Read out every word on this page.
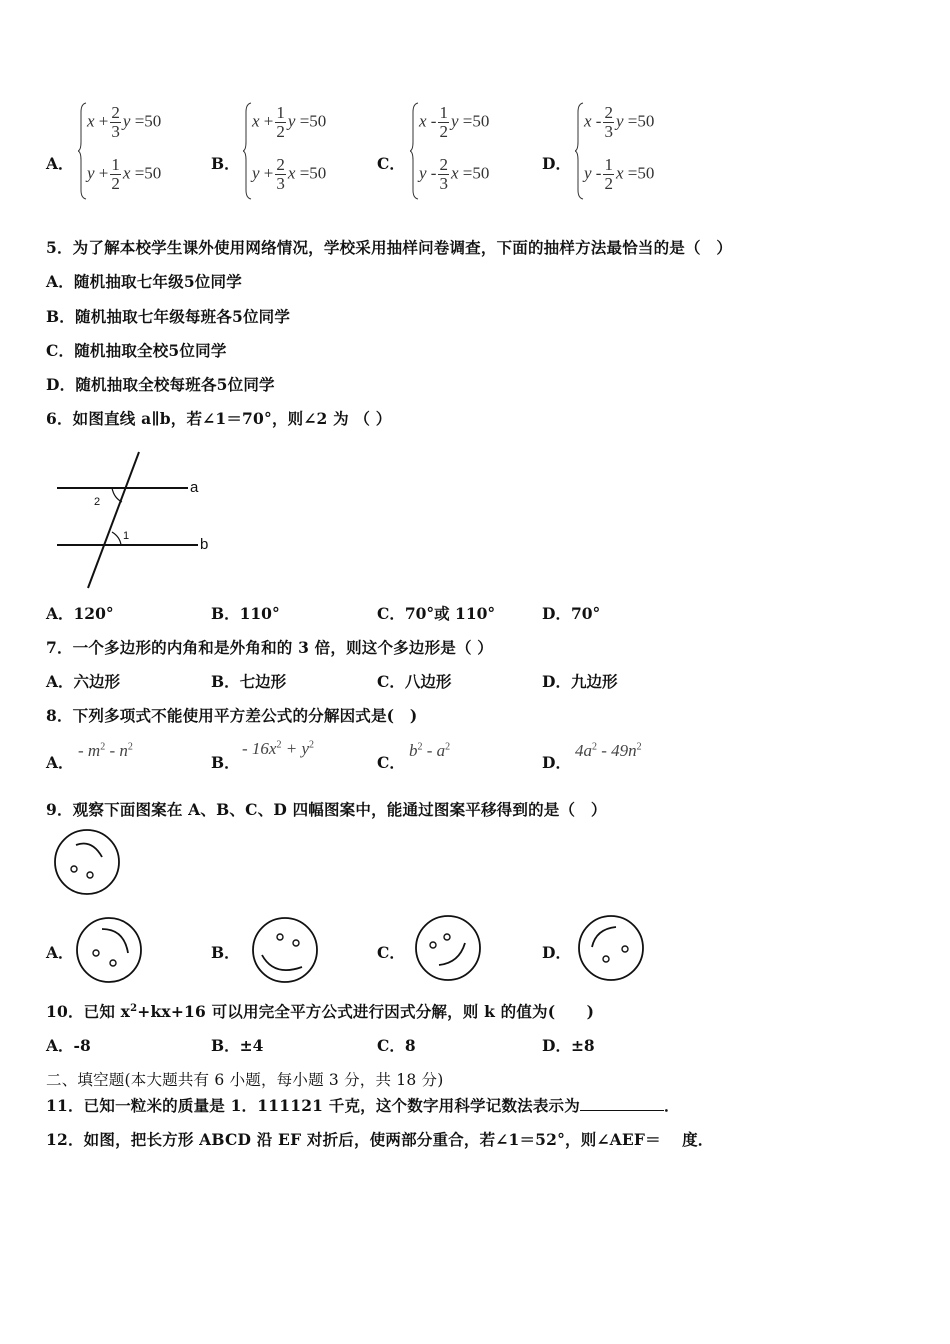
A．
$x + \frac{2}{3}$ y =50
$y + \frac{1}{2}$ x =50	B．
$x + \frac{1}{2}$ y =50
$y + \frac{2}{3}$ x =50	C．
x - $\frac{1}{2}$ y =50
y - $\frac{2}{3}$ x =50	D．
x - $\frac{2}{3}$ y =50
y - $\frac{1}{2}$ x =50
5．为了解本校学生课外使用网络情况，学校采用抽样问卷调查，下面的抽样方法最恰当的是（　）
A．随机抽取七年级5位同学
B．随机抽取七年级每班各5位同学
C．随机抽取全校5位同学
D．随机抽取全校每班各5位同学
6．如图直线 a∥b，若∠1＝70°，则∠2 为 （ ）
a
b
1
2
A．120°	B．110°	C．70°或 110°	D．70°
7．一个多边形的内角和是外角和的 3 倍，则这个多边形是（ ）
A．六边形	B．七边形	C．八边形	D．九边形
8．下列多项式不能使用平方差公式的分解因式是(　)
A．
- $m^2 - n^2$
B．
- $16x^2 + y^2$
C．
$b^2 - a^2$
D．
$4a^2 - 49n^2$
9．观察下面图案在 A、B、C、D 四幅图案中，能通过图案平移得到的是（　）
A．	B．	C．	D．
10．已知 $x^2+kx+16$ 可以用完全平方公式进行因式分解，则 k 的值为(　　)
A．-8	B．±4	C．8	D．±8
二、填空题(本大题共有 6 小题，每小题 3 分，共 18 分)
11．已知一粒米的质量是 1．111121 千克，这个数字用科学记数法表示为	．
12．如图，把长方形 ABCD 沿 EF 对折后，使两部分重合，若∠1＝52°，则∠AEF＝　 度．
